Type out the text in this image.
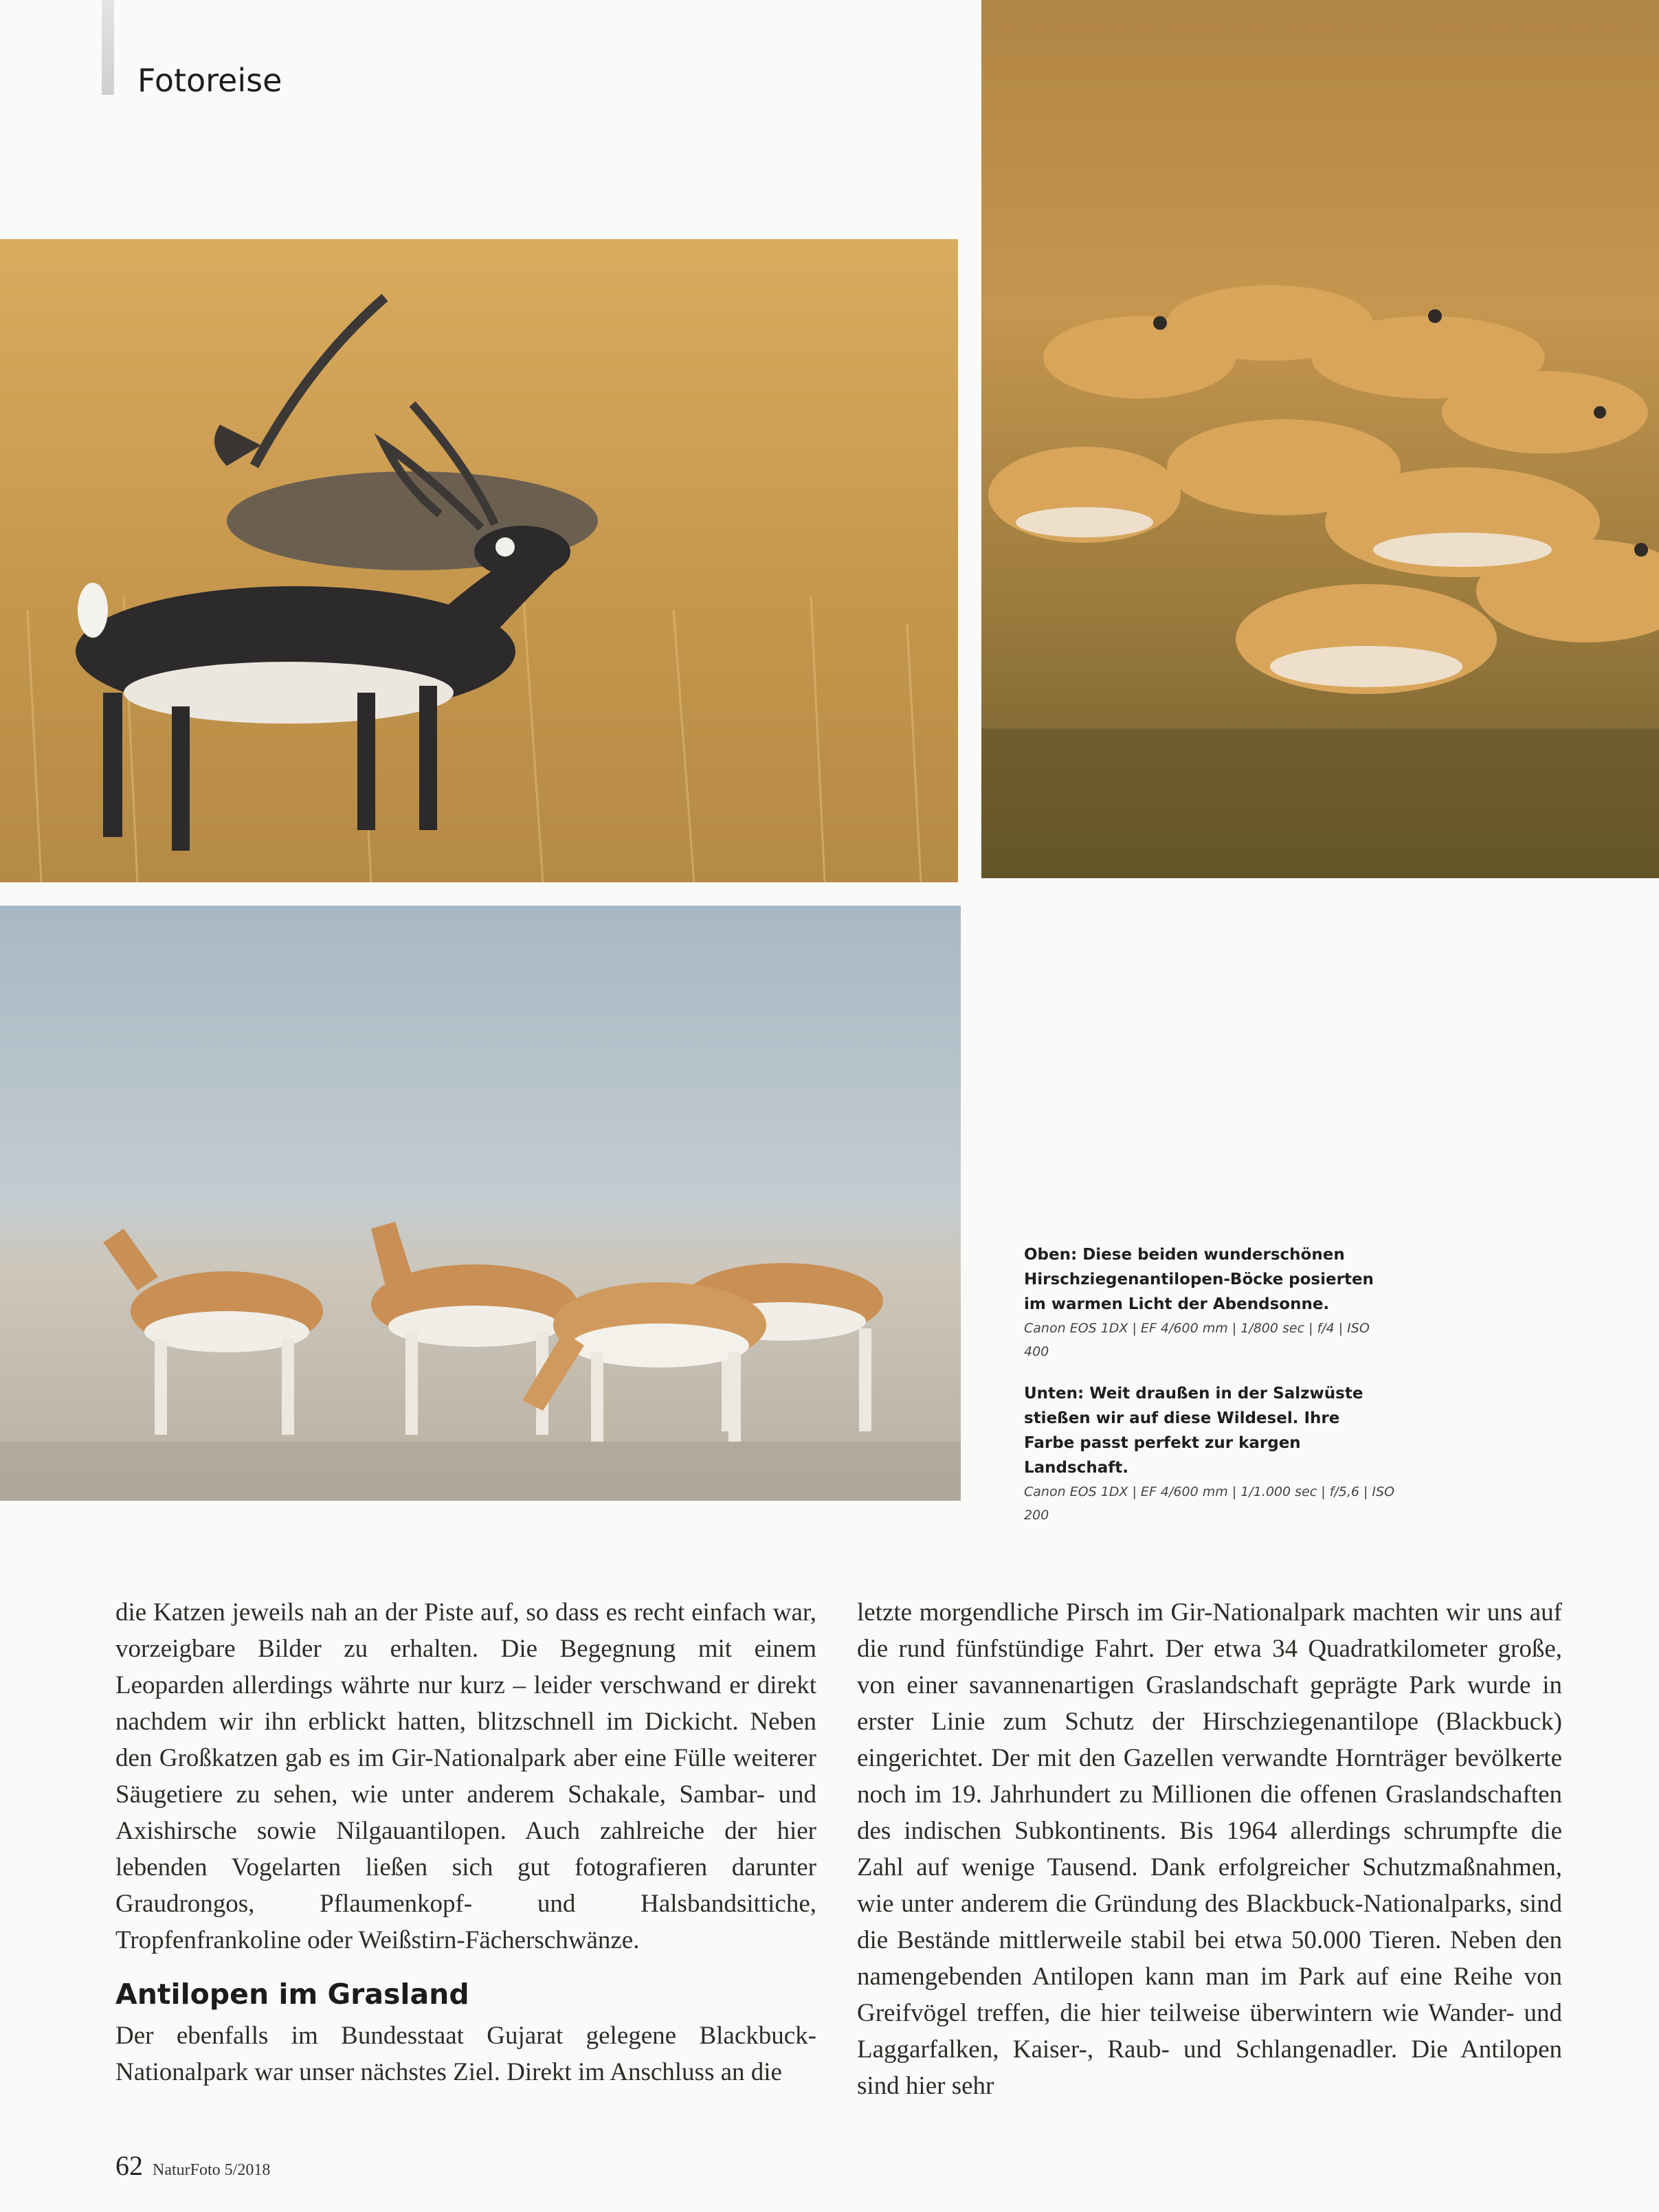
Fotoreise
Oben: Diese beiden wunderschönen Hirschziegenantilopen-Böcke posierten im warmen Licht der Abendsonne.
Canon EOS 1DX | EF 4/600 mm | 1/800 sec | f/4 | ISO 400
Unten: Weit draußen in der Salzwüste stießen wir auf diese Wildesel. Ihre Farbe passt perfekt zur kargen Landschaft.
Canon EOS 1DX | EF 4/600 mm | 1/1.000 sec | f/5,6 | ISO 200

die Katzen jeweils nah an der Piste auf, so dass es recht einfach war, vorzeigbare Bilder zu erhalten. Die Begegnung mit einem Leoparden allerdings währte nur kurz – leider verschwand er direkt nachdem wir ihn erblickt hatten, blitzschnell im Dickicht. Neben den Großkatzen gab es im Gir-Nationalpark aber eine Fülle weiterer Säugetiere zu sehen, wie unter anderem Schakale, Sambar- und Axishirsche sowie Nilgauantilopen. Auch zahlreiche der hier lebenden Vogelarten ließen sich gut fotografieren darunter Graudrongos, Pflaumenkopf- und Halsbandsittiche, Tropfenfrankoline oder Weißstirn-Fächerschwänze.

Antilopen im Grasland

Der ebenfalls im Bundesstaat Gujarat gelegene Blackbuck-Nationalpark war unser nächstes Ziel. Direkt im Anschluss an die

letzte morgendliche Pirsch im Gir-Nationalpark machten wir uns auf die rund fünfstündige Fahrt. Der etwa 34 Quadratkilometer große, von einer savannenartigen Graslandschaft geprägte Park wurde in erster Linie zum Schutz der Hirschziegenantilope (Blackbuck) eingerichtet. Der mit den Gazellen verwandte Hornträger bevölkerte noch im 19. Jahrhundert zu Millionen die offenen Graslandschaften des indischen Subkontinents. Bis 1964 allerdings schrumpfte die Zahl auf wenige Tausend. Dank erfolgreicher Schutzmaßnahmen, wie unter anderem die Gründung des Blackbuck-Nationalparks, sind die Bestände mittlerweile stabil bei etwa 50.000 Tieren. Neben den namengebenden Antilopen kann man im Park auf eine Reihe von Greifvögel treffen, die hier teilweise überwintern wie Wander- und Laggarfalken, Kaiser-, Raub- und Schlangenadler. Die Antilopen sind hier sehr

62 NaturFoto 5/2018
